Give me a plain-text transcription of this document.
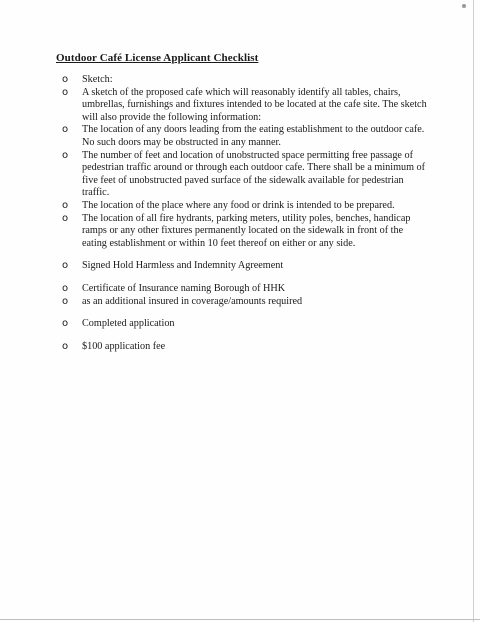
Outdoor Café License Applicant Checklist
o Sketch:
o A sketch of the proposed cafe which will reasonably identify all tables, chairs, umbrellas, furnishings and fixtures intended to be located at the cafe site. The sketch will also provide the following information:
o The location of any doors leading from the eating establishment to the outdoor cafe. No such doors may be obstructed in any manner.
o The number of feet and location of unobstructed space permitting free passage of pedestrian traffic around or through each outdoor cafe. There shall be a minimum of five feet of unobstructed paved surface of the sidewalk available for pedestrian traffic.
o The location of the place where any food or drink is intended to be prepared.
o The location of all fire hydrants, parking meters, utility poles, benches, handicap ramps or any other fixtures permanently located on the sidewalk in front of the eating establishment or within 10 feet thereof on either or any side.
o Signed Hold Harmless and Indemnity Agreement
o Certificate of Insurance naming Borough of HHK
o as an additional insured in coverage/amounts required
o Completed application
o $100 application fee
